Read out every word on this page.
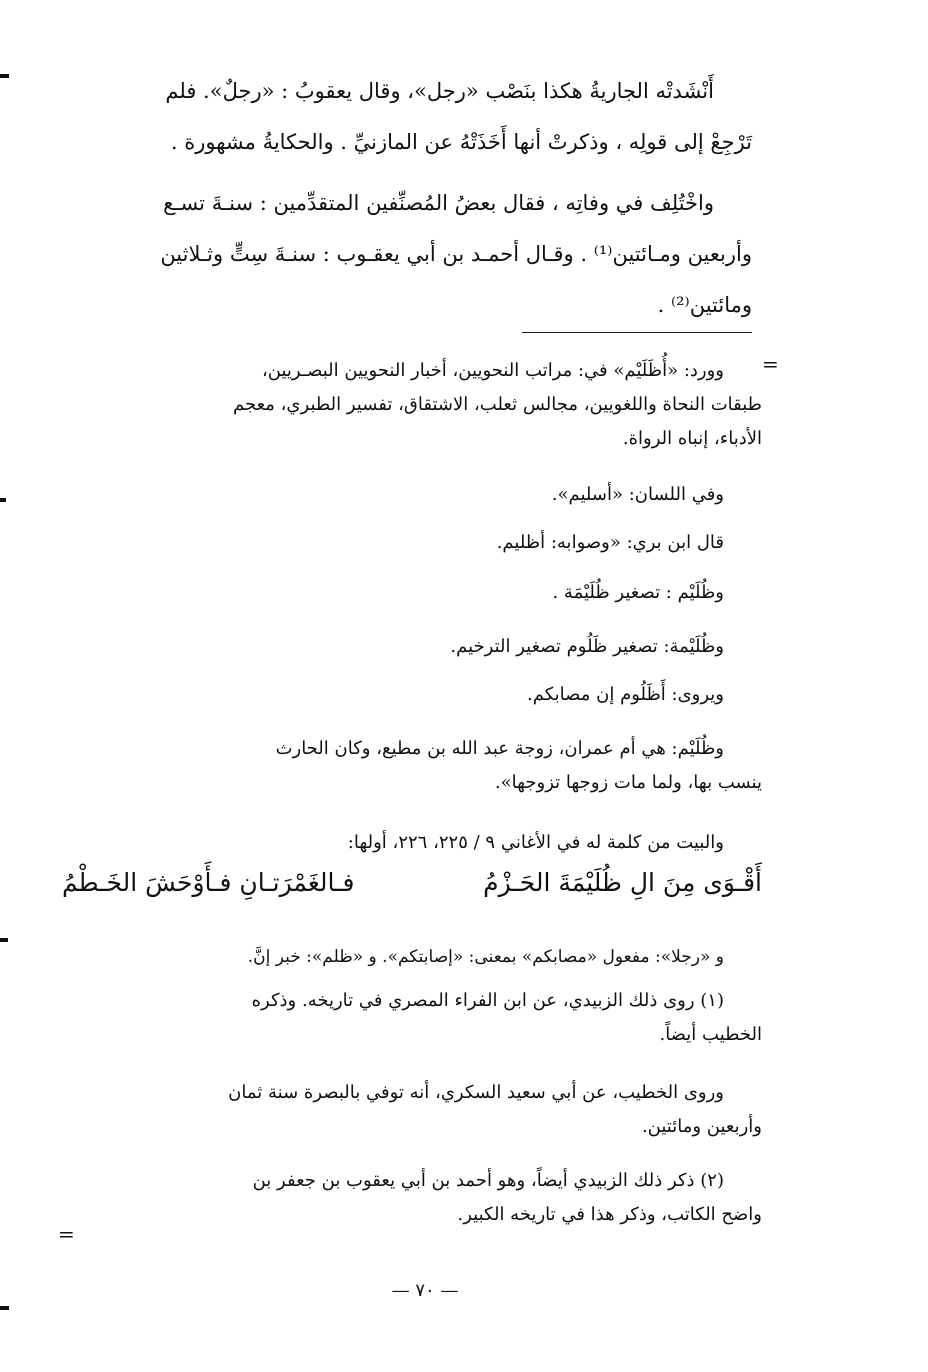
أَنْشَدتْه الجاريةُ هكذا بنَصْب «رجل»، وقال يعقوبُ : «رجلٌ». فلم
تَرْجِعْ إلى قولِه ، وذكرتْ أنها أَخَذَتْهُ عن المازنيِّ . والحكايةُ مشهورة .
واخْتُلِف في وفاتِه ، فقال بعضُ المُصنِّفين المتقدِّمين : سنـةَ تسـع
وأربعين ومـائتين⁽¹⁾ . وقـال أحمـد بن أبي يعقـوب : سنـةَ سِتٍّ وثـلاثين
ومائتين⁽²⁾ .
=
وورد: «أُظَلَيْم» في: مراتب النحويين، أخبار النحويين البصـريين،
طبقات النحاة واللغويين، مجالس ثعلب، الاشتقاق، تفسير الطبري، معجم
الأدباء، إنباه الرواة.
وفي اللسان: «أسليم».
قال ابن بري: «وصوابه: أظليم.
وظُلَيْم : تصغير ظُلَيْمَة .
وظُلَيْمة: تصغير ظَلُوم تصغير الترخيم.
ويروى: أَظَلُوم إن مصابكم.
وظُلَيْم: هي أم عمران، زوجة عبد الله بن مطيع، وكان الحارث
ينسب بها، ولما مات زوجها تزوجها».
والبيت من كلمة له في الأغاني ٩ / ٢٢٥، ٢٢٦، أولها:
أَقْـوَى مِنَ الِ ظُلَيْمَةَ الحَـزْمُ
فـالغَمْرَتـانِ فـأَوْحَشَ الخَـطْمُ
و «رجلا»: مفعول «مصابكم» بمعنى: «إصابتكم». و «ظلم»: خبر إنَّ.
(١) روى ذلك الزبيدي، عن ابن الفراء المصري في تاريخه. وذكره
الخطيب أيضاً.
وروى الخطيب، عن أبي سعيد السكري، أنه توفي بالبصرة سنة ثمان
وأربعين ومائتين.
(٢) ذكر ذلك الزبيدي أيضاً، وهو أحمد بن أبي يعقوب بن جعفر بن
واضح الكاتب، وذكر هذا في تاريخه الكبير.
=
— ٧٠ —
